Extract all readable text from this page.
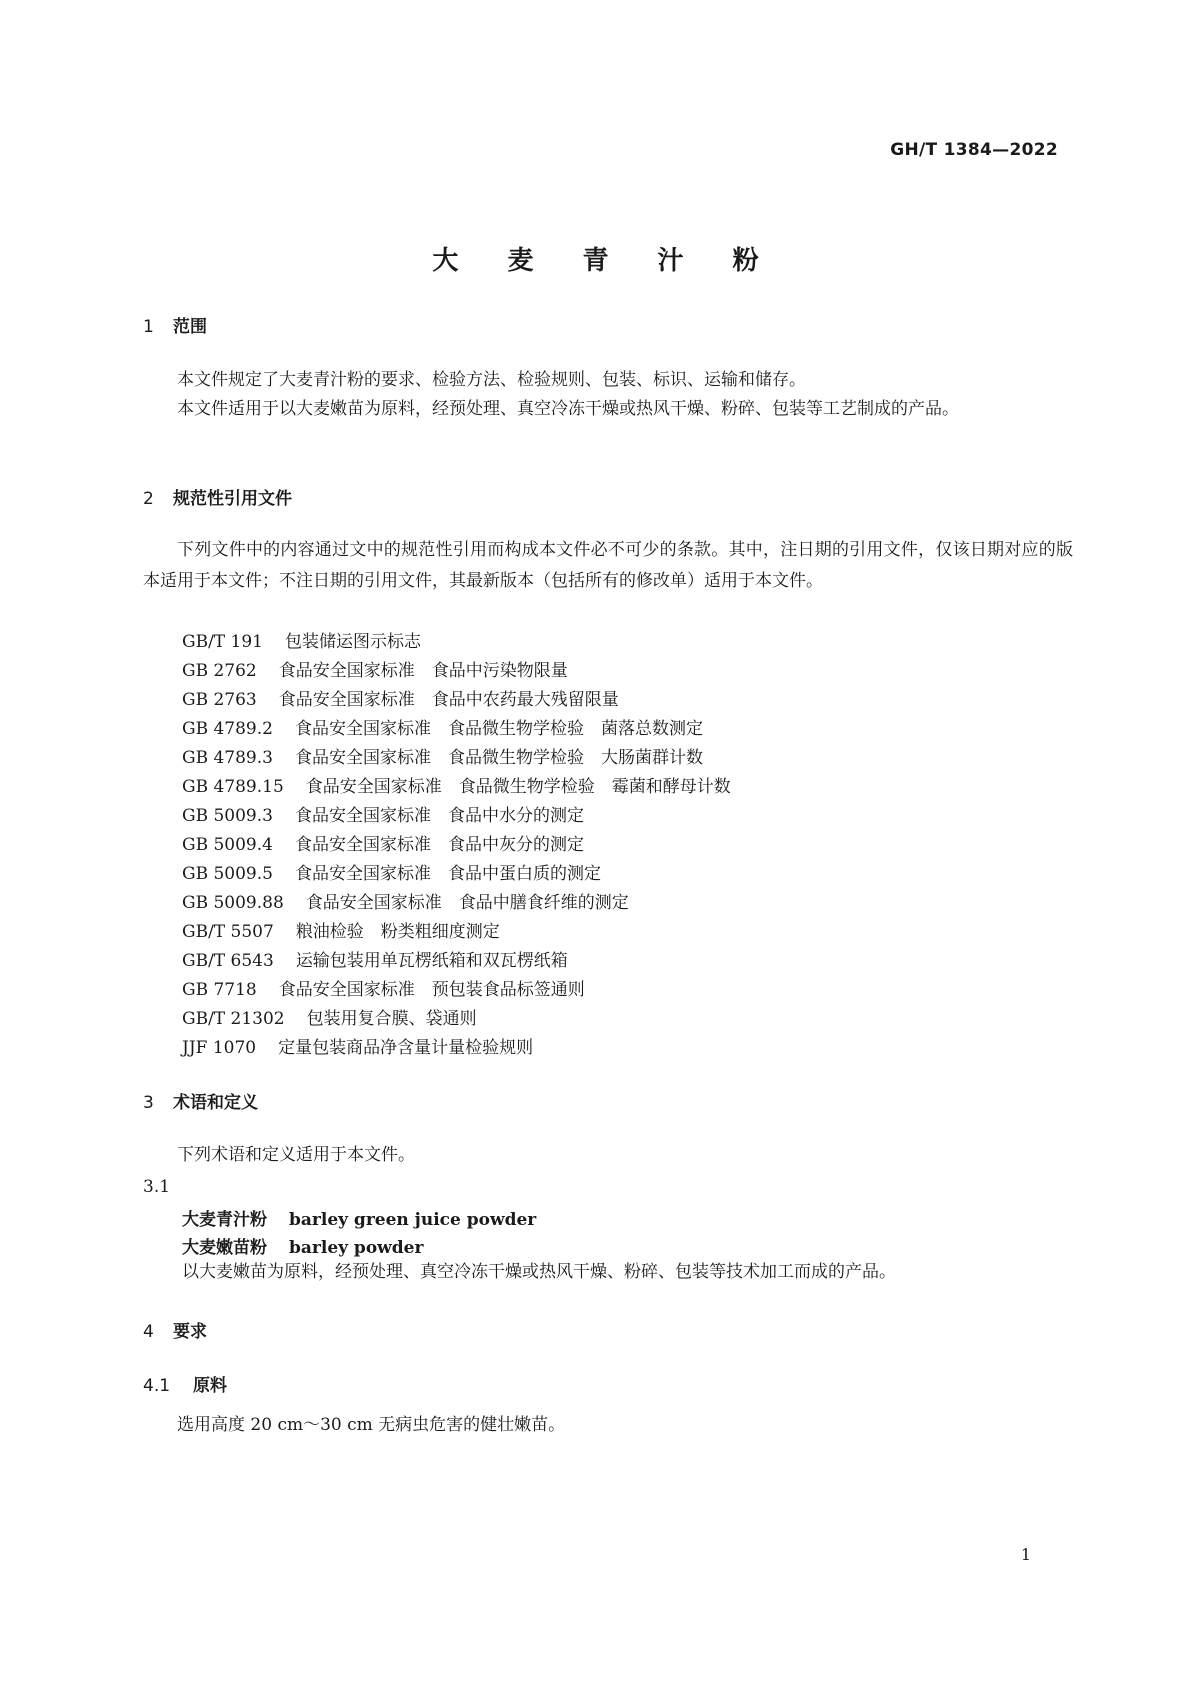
GH/T 1384—2022
大 麦 青 汁 粉
1 范围
本文件规定了大麦青汁粉的要求、检验方法、检验规则、包装、标识、运输和储存。
本文件适用于以大麦嫩苗为原料，经预处理、真空冷冻干燥或热风干燥、粉碎、包装等工艺制成的产品。
2 规范性引用文件
下列文件中的内容通过文中的规范性引用而构成本文件必不可少的条款。其中，注日期的引用文件，仅该日期对应的版本适用于本文件；不注日期的引用文件，其最新版本（包括所有的修改单）适用于本文件。
GB/T 191 包装储运图示标志
GB 2762 食品安全国家标准　食品中污染物限量
GB 2763 食品安全国家标准　食品中农药最大残留限量
GB 4789.2 食品安全国家标准　食品微生物学检验　菌落总数测定
GB 4789.3 食品安全国家标准　食品微生物学检验　大肠菌群计数
GB 4789.15 食品安全国家标准　食品微生物学检验　霉菌和酵母计数
GB 5009.3 食品安全国家标准　食品中水分的测定
GB 5009.4 食品安全国家标准　食品中灰分的测定
GB 5009.5 食品安全国家标准　食品中蛋白质的测定
GB 5009.88 食品安全国家标准　食品中膳食纤维的测定
GB/T 5507 粮油检验　粉类粗细度测定
GB/T 6543 运输包装用单瓦楞纸箱和双瓦楞纸箱
GB 7718 食品安全国家标准　预包装食品标签通则
GB/T 21302 包装用复合膜、袋通则
JJF 1070 定量包装商品净含量计量检验规则
3 术语和定义
下列术语和定义适用于本文件。
3.1
大麦青汁粉 barley green juice powder
大麦嫩苗粉 barley powder
以大麦嫩苗为原料，经预处理、真空冷冻干燥或热风干燥、粉碎、包装等技术加工而成的产品。
4 要求
4.1 原料
选用高度 20 cm～30 cm 无病虫危害的健壮嫩苗。
1
